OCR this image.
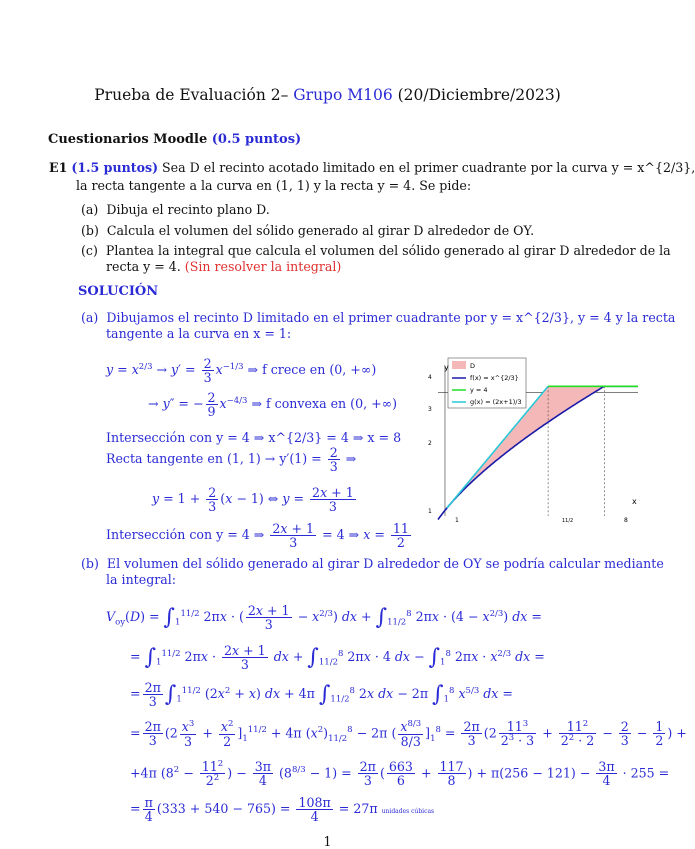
Prueba de Evaluación 2– Grupo M106 (20/Diciembre/2023)
Cuestionarios Moodle (0.5 puntos)
E1 (1.5 puntos) Sea D el recinto acotado limitado en el primer cuadrante por la curva y = x^{2/3},
la recta tangente a la curva en (1, 1) y la recta y = 4. Se pide:
(a) Dibuja el recinto plano D.
(b) Calcula el volumen del sólido generado al girar D alrededor de OY.
(c) Plantea la integral que calcula el volumen del sólido generado al girar D alrededor de la
recta y = 4. (Sin resolver la integral)
SOLUCIÓN
(a) Dibujamos el recinto D limitado en el primer cuadrante por y = x^{2/3}, y = 4 y la recta
tangente a la curva en x = 1:
$y = x^{2/3} \to y' = \frac{2}{3} x^{-1/3}$ ⇒ f crece en (0, +∞)
→ y″ = − $\frac{2}{9} x^{-4/3}$ ⇒ f convexa en (0, +∞)
Intersección con y = 4 ⇒ x^{2/3} = 4 ⇒ x = 8
Recta tangente en (1, $1) \to y'(1) = \frac{2}{3}$ ⇒
$y = 1 + \frac{2}{3} (x - 1)$ ⇔ $y = \frac{2x + 1}{3}$
Intersección con y = 4 ⇒ $\frac{2x + 1}{3} = 4$ ⇒ $x = \frac{11}{2}$
D
f(x) = x^{2/3}
y = 4
g(x) = (2x+1)/3
y
x
4
3
2
1
1	11/2	8
(b) El volumen del sólido generado al girar D alrededor de OY se podría calcular mediante
la integral:
$V_{oy}(D) = \int_1^{11/2}$ 2πx · ( $\frac{2x + 1}{3} - x^{2/3}$) dx + $\int_{11/2}^8$ $2\pi x \cdot (4 - x^{2/3})$ dx =
= $\int_1^{11/2}$ $2\pi x \cdot \frac{2x + 1}{3}$ dx + $\int_{11/2}^8$ 2πx · 4 dx − $\int_1^8$ $2\pi x \cdot x^{2/3}$ dx =
= $\frac{2\pi}{3} \int_1^{11/2}$ $(2x^2 + x)$ dx + 4π $\int_{11/2}^8$ 2x dx − 2π $\int_1^8$ $x^{5/3}$ dx =
= $\frac{2\pi}{3} (2 \frac{x^3}{3} + \frac{x^2}{2} ]_1^{11/2} + 4\pi$ $(x^2)_{11/2}^8 - 2\pi$ ( $\frac{x^{8/3}}{8/3} ]_1^8 = \frac{2\pi}{3} (2 \frac{11^3}{2^3 \cdot 3} + \frac{11^2}{2^2 \cdot 2} - \frac{2}{3} - \frac{1}{2}$ ) +
+4π ($8^2 - \frac{11^2}{2^2}$ ) − $\frac{3\pi}{4} (8^{8/3} - 1) = \frac{2\pi}{3}$ ( $\frac{663}{6} + \frac{117}{8}$ ) + $\pi(256 - 121) - \frac{3\pi}{4} \cdot 255$ =
= $\frac{\pi}{4} (333 + 540 - 765) = \frac{108\pi}{4} = 27\pi$ unidades cúbicas
1
